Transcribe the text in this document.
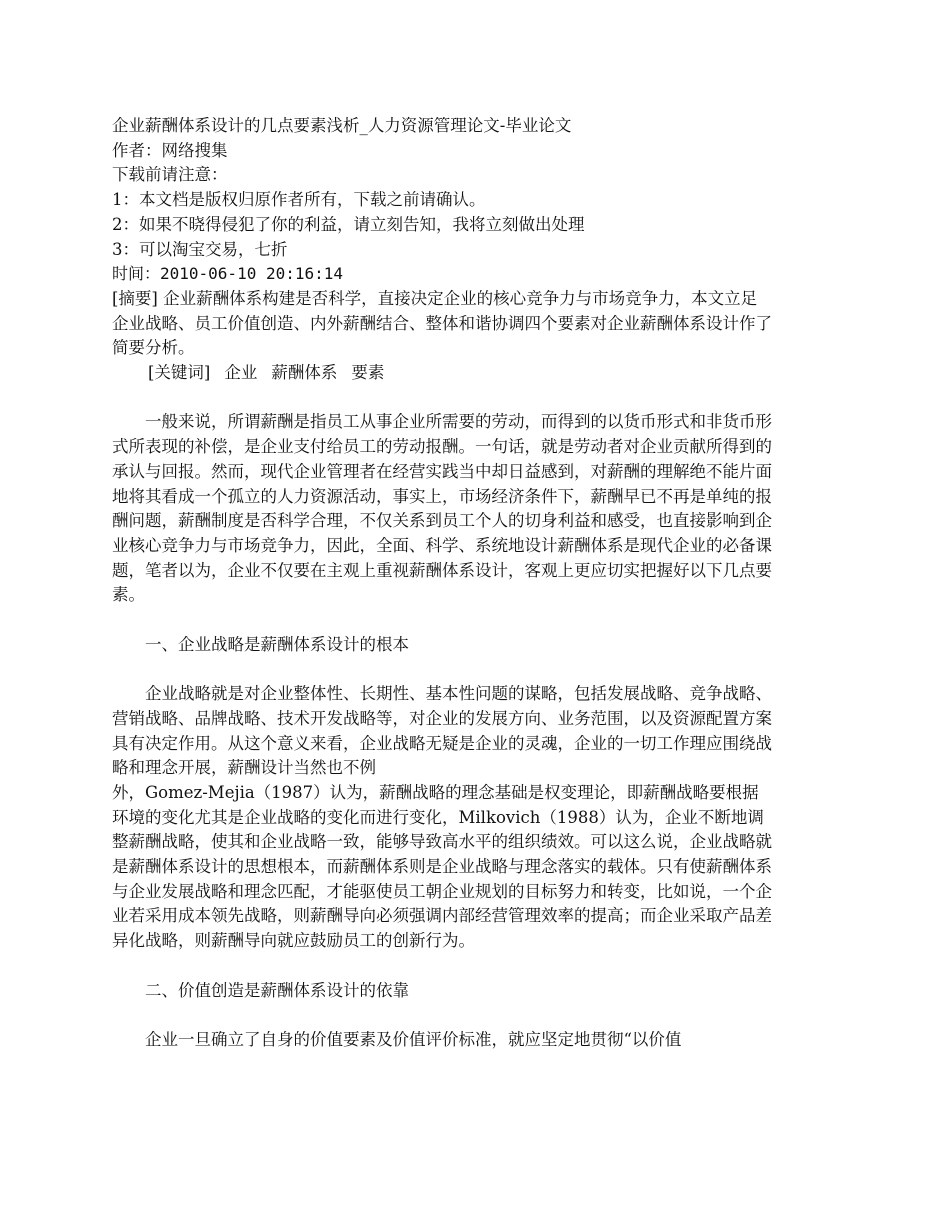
企业薪酬体系设计的几点要素浅析_人力资源管理论文-毕业论文

作者：网络搜集

下载前请注意：

1：本文档是版权归原作者所有，下载之前请确认。

2：如果不晓得侵犯了你的利益，请立刻告知，我将立刻做出处理

3：可以淘宝交易，七折

时间：2010-06-10 20:16:14

[摘要] 企业薪酬体系构建是否科学，直接决定企业的核心竞争力与市场竞争力，本文立足企业战略、员工价值创造、内外薪酬结合、整体和谐协调四个要素对企业薪酬体系设计作了简要分析。

[关键词] 企业 薪酬体系 要素

一般来说，所谓薪酬是指员工从事企业所需要的劳动，而得到的以货币形式和非货币形式所表现的补偿，是企业支付给员工的劳动报酬。一句话，就是劳动者对企业贡献所得到的承认与回报。然而，现代企业管理者在经营实践当中却日益感到，对薪酬的理解绝不能片面地将其看成一个孤立的人力资源活动，事实上，市场经济条件下，薪酬早已不再是单纯的报酬问题，薪酬制度是否科学合理，不仅关系到员工个人的切身利益和感受，也直接影响到企业核心竞争力与市场竞争力，因此，全面、科学、系统地设计薪酬体系是现代企业的必备课题，笔者以为，企业不仅要在主观上重视薪酬体系设计，客观上更应切实把握好以下几点要素。

一、企业战略是薪酬体系设计的根本

企业战略就是对企业整体性、长期性、基本性问题的谋略，包括发展战略、竞争战略、营销战略、品牌战略、技术开发战略等，对企业的发展方向、业务范围，以及资源配置方案具有决定作用。从这个意义来看，企业战略无疑是企业的灵魂，企业的一切工作理应围绕战略和理念开展，薪酬设计当然也不例

外，Gomez-Mejia（1987）认为，薪酬战略的理念基础是权变理论，即薪酬战略要根据环境的变化尤其是企业战略的变化而进行变化，Milkovich（1988）认为，企业不断地调整薪酬战略，使其和企业战略一致，能够导致高水平的组织绩效。可以这么说，企业战略就是薪酬体系设计的思想根本，而薪酬体系则是企业战略与理念落实的载体。只有使薪酬体系与企业发展战略和理念匹配，才能驱使员工朝企业规划的目标努力和转变，比如说，一个企业若采用成本领先战略，则薪酬导向必须强调内部经营管理效率的提高；而企业采取产品差异化战略，则薪酬导向就应鼓励员工的创新行为。

二、价值创造是薪酬体系设计的依靠

企业一旦确立了自身的价值要素及价值评价标准，就应坚定地贯彻“以价值
